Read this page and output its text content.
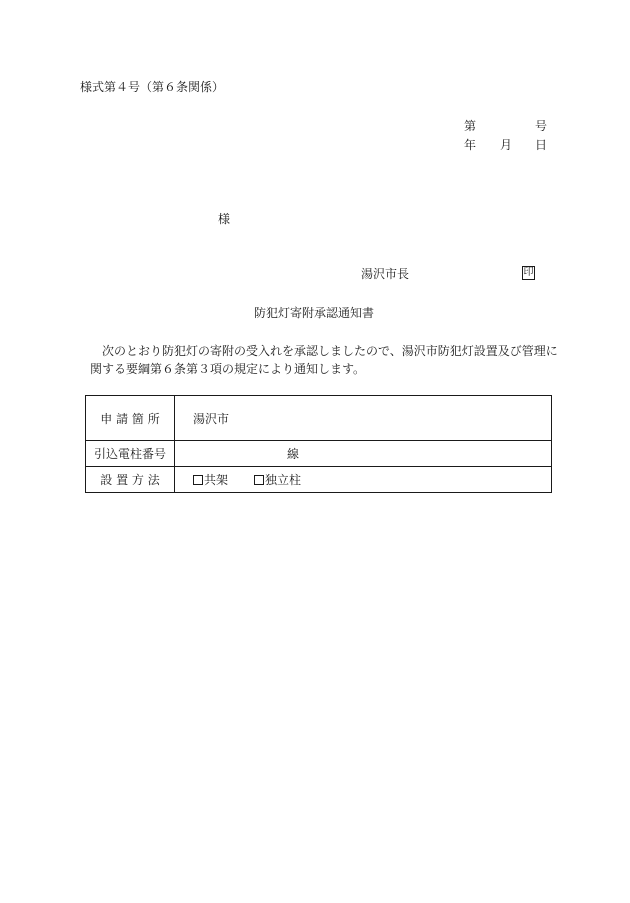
様式第４号（第６条関係）
第	号
年 月 日
様
湯沢市長	印
防犯灯寄附承認通知書
次のとおり防犯灯の寄附の受入れを承認しましたので、湯沢市防犯灯設置及び管理に
関する要綱第６条第３項の規定により通知します。
申 請 箇 所	湯沢市
引込電柱番号	線
設 置 方 法	共架 独立柱
